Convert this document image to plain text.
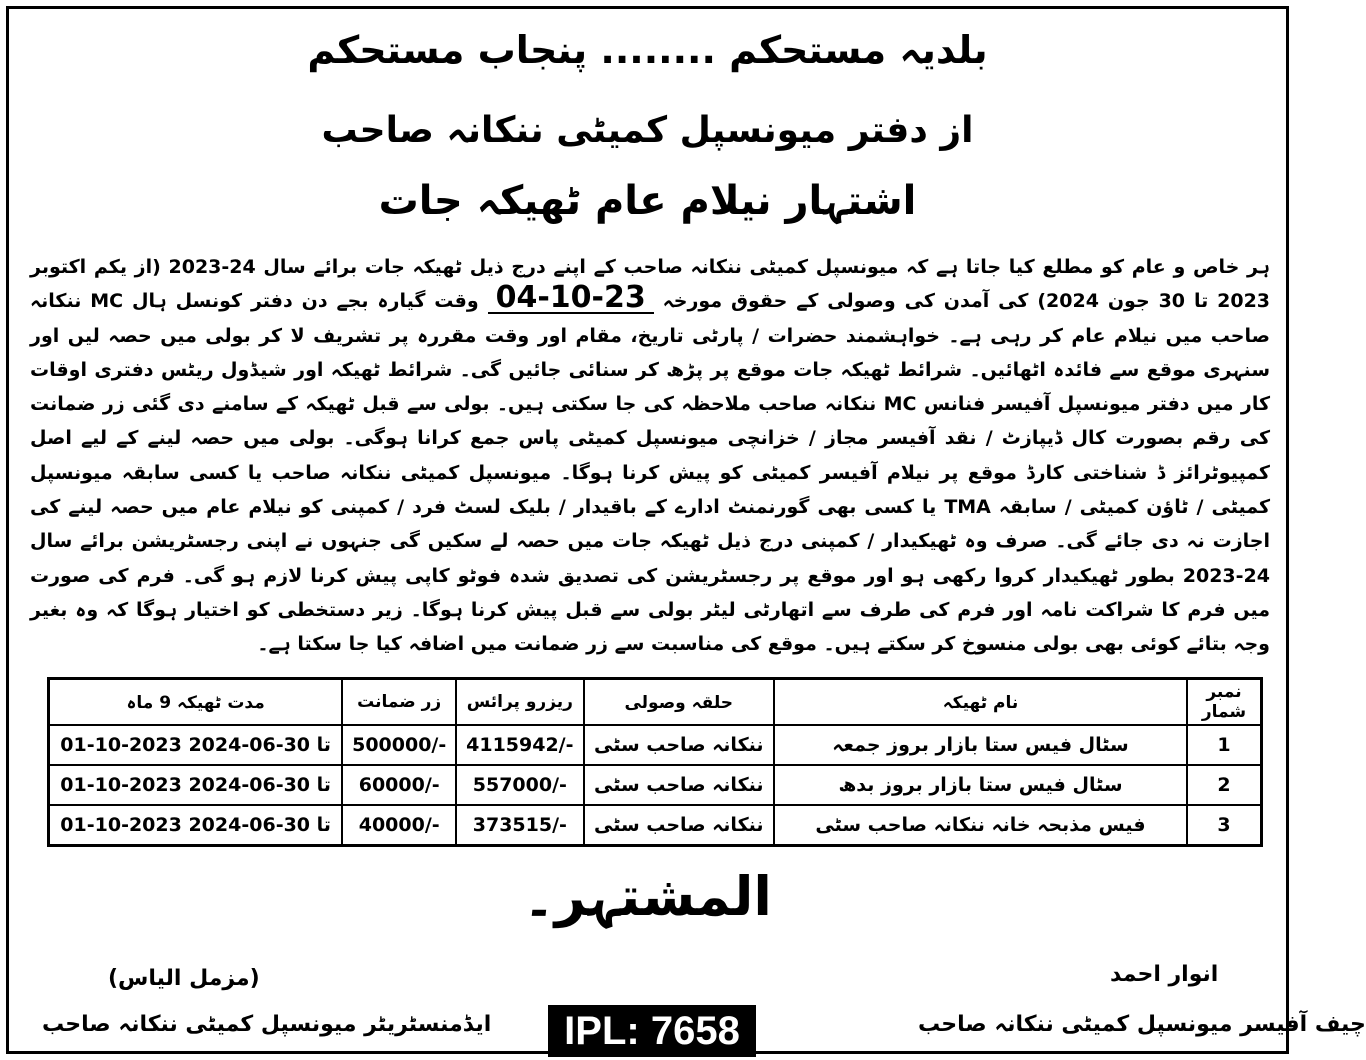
بلدیہ مستحکم ........ پنجاب مستحکم
از دفتر میونسپل کمیٹی ننکانہ صاحب
اشتہار نیلام عام ٹھیکہ جات
ہر خاص و عام کو مطلع کیا جاتا ہے کہ میونسپل کمیٹی ننکانہ صاحب کے اپنے درج ذیل ٹھیکہ جات برائے سال 24-2023 (از یکم اکتوبر 2023 تا 30 جون 2024) کی آمدن کی وصولی کے حقوق مورخہ 04-10-23 وقت گیارہ بجے دن دفتر کونسل ہال MC ننکانہ صاحب میں نیلام عام کر رہی ہے۔ خواہشمند حضرات / پارٹی تاریخ، مقام اور وقت مقررہ پر تشریف لا کر بولی میں حصہ لیں اور سنہری موقع سے فائدہ اٹھائیں۔ شرائط ٹھیکہ جات موقع پر پڑھ کر سنائی جائیں گی۔ شرائط ٹھیکہ اور شیڈول ریٹس دفتری اوقات کار میں دفتر میونسپل آفیسر فنانس MC ننکانہ صاحب ملاحظہ کی جا سکتی ہیں۔ بولی سے قبل ٹھیکہ کے سامنے دی گئی زر ضمانت کی رقم بصورت کال ڈیپازٹ / نقد آفیسر مجاز / خزانچی میونسپل کمیٹی پاس جمع کرانا ہوگی۔ بولی میں حصہ لینے کے لیے اصل کمپیوٹرائز ڈ شناختی کارڈ موقع پر نیلام آفیسر کمیٹی کو پیش کرنا ہوگا۔ میونسپل کمیٹی ننکانہ صاحب یا کسی سابقہ میونسپل کمیٹی / ٹاؤن کمیٹی / سابقہ TMA یا کسی بھی گورنمنٹ ادارے کے باقیدار / بلیک لسٹ فرد / کمپنی کو نیلام عام میں حصہ لینے کی اجازت نہ دی جائے گی۔ صرف وہ ٹھیکیدار / کمپنی درج ذیل ٹھیکہ جات میں حصہ لے سکیں گی جنہوں نے اپنی رجسٹریشن برائے سال 24-2023 بطور ٹھیکیدار کروا رکھی ہو اور موقع پر رجسٹریشن کی تصدیق شدہ فوٹو کاپی پیش کرنا لازم ہو گی۔ فرم کی صورت میں فرم کا شراکت نامہ اور فرم کی طرف سے اتھارٹی لیٹر بولی سے قبل پیش کرنا ہوگا۔ زیر دستخطی کو اختیار ہوگا کہ وہ بغیر وجہ بتائے کوئی بھی بولی منسوخ کر سکتے ہیں۔ موقع کی مناسبت سے زر ضمانت میں اضافہ کیا جا سکتا ہے۔
نمبر شمار	نام ٹھیکہ	حلقہ وصولی	ریزرو پرائس	زر ضمانت	مدت ٹھیکہ 9 ماہ
1	سٹال فیس ستا بازار بروز جمعہ	ننکانہ صاحب سٹی	4115942/-	500000/-	01-10-2023 تا 30-06-2024
2	سٹال فیس ستا بازار بروز بدھ	ننکانہ صاحب سٹی	557000/-	60000/-	01-10-2023 تا 30-06-2024
3	فیس مذبحہ خانہ ننکانہ صاحب سٹی	ننکانہ صاحب سٹی	373515/-	40000/-	01-10-2023 تا 30-06-2024
المشتہر۔
انوار احمد
چیف آفیسر میونسپل کمیٹی ننکانہ صاحب
(مزمل الیاس)
ایڈمنسٹریٹر میونسپل کمیٹی ننکانہ صاحب	IPL: 7658
